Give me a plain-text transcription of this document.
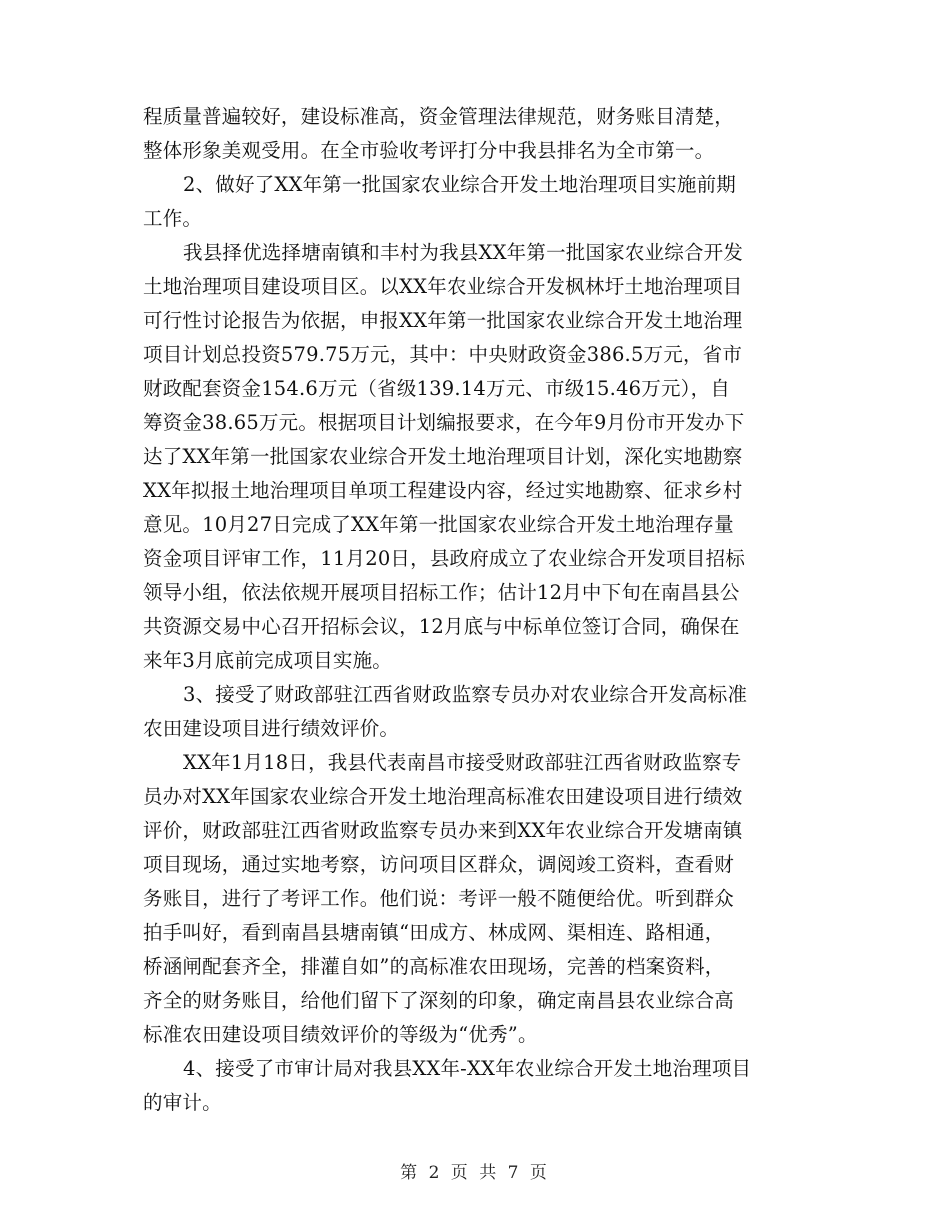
程质量普遍较好，建设标准高，资金管理法律规范，财务账目清楚，
整体形象美观受用。在全市验收考评打分中我县排名为全市第一。
2、做好了XX年第一批国家农业综合开发土地治理项目实施前期
工作。
我县择优选择塘南镇和丰村为我县XX年第一批国家农业综合开发
土地治理项目建设项目区。以XX年农业综合开发枫林圩土地治理项目
可行性讨论报告为依据，申报XX年第一批国家农业综合开发土地治理
项目计划总投资579.75万元，其中：中央财政资金386.5万元，省市
财政配套资金154.6万元（省级139.14万元、市级15.46万元），自
筹资金38.65万元。根据项目计划编报要求，在今年9月份市开发办下
达了XX年第一批国家农业综合开发土地治理项目计划，深化实地勘察
XX年拟报土地治理项目单项工程建设内容，经过实地勘察、征求乡村
意见。10月27日完成了XX年第一批国家农业综合开发土地治理存量
资金项目评审工作，11月20日，县政府成立了农业综合开发项目招标
领导小组，依法依规开展项目招标工作；估计12月中下旬在南昌县公
共资源交易中心召开招标会议，12月底与中标单位签订合同，确保在
来年3月底前完成项目实施。
3、接受了财政部驻江西省财政监察专员办对农业综合开发高标准
农田建设项目进行绩效评价。
XX年1月18日，我县代表南昌市接受财政部驻江西省财政监察专
员办对XX年国家农业综合开发土地治理高标准农田建设项目进行绩效
评价，财政部驻江西省财政监察专员办来到XX年农业综合开发塘南镇
项目现场，通过实地考察，访问项目区群众，调阅竣工资料，查看财
务账目，进行了考评工作。他们说：考评一般不随便给优。听到群众
拍手叫好，看到南昌县塘南镇“田成方、林成网、渠相连、路相通，
桥涵闸配套齐全，排灌自如”的高标准农田现场，完善的档案资料，
齐全的财务账目，给他们留下了深刻的印象，确定南昌县农业综合高
标准农田建设项目绩效评价的等级为“优秀”。
4、接受了市审计局对我县XX年-XX年农业综合开发土地治理项目
的审计。
第 2 页 共 7 页
